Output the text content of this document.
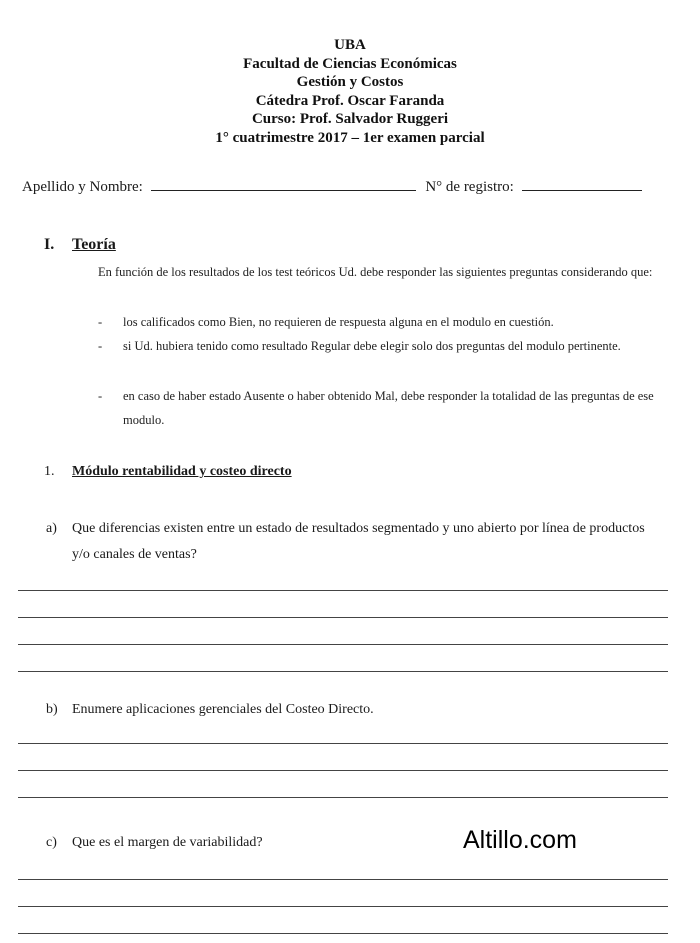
UBA
Facultad de Ciencias Económicas
Gestión y Costos
Cátedra Prof. Oscar Faranda
Curso: Prof. Salvador Ruggeri
1° cuatrimestre 2017 – 1er examen parcial
Apellido y Nombre:	N° de registro:
I. Teoría
En función de los resultados de los test teóricos Ud. debe responder las siguientes preguntas considerando que:
- los calificados como Bien, no requieren de respuesta alguna en el modulo en cuestión.
- si Ud. hubiera tenido como resultado Regular debe elegir solo dos preguntas del modulo pertinente.
- en caso de haber estado Ausente o haber obtenido Mal, debe responder la totalidad de las preguntas de ese modulo.
1. Módulo rentabilidad y costeo directo
a) Que diferencias existen entre un estado de resultados segmentado y uno abierto por línea de productos y/o canales de ventas?
b) Enumere aplicaciones gerenciales del Costeo Directo.
c) Que es el margen de variabilidad?	Altillo.com
